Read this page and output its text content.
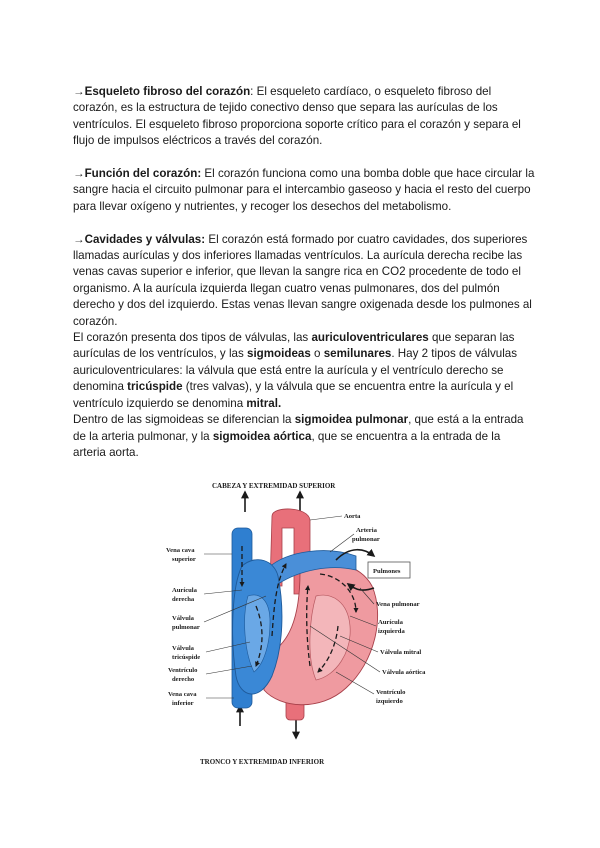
→Esqueleto fibroso del corazón: El esqueleto cardíaco, o esqueleto fibroso del corazón, es la estructura de tejido conectivo denso que separa las aurículas de los ventrículos. El esqueleto fibroso proporciona soporte crítico para el corazón y separa el flujo de impulsos eléctricos a través del corazón.

→Función del corazón: El corazón funciona como una bomba doble que hace circular la sangre hacia el circuito pulmonar para el intercambio gaseoso y hacia el resto del cuerpo para llevar oxígeno y nutrientes, y recoger los desechos del metabolismo.

→Cavidades y válvulas: El corazón está formado por cuatro cavidades, dos superiores llamadas aurículas y dos inferiores llamadas ventrículos. La aurícula derecha recibe las venas cavas superior e inferior, que llevan la sangre rica en CO2 procedente de todo el organismo. A la aurícula izquierda llegan cuatro venas pulmonares, dos del pulmón derecho y dos del izquierdo. Estas venas llevan sangre oxigenada desde los pulmones al corazón.

El corazón presenta dos tipos de válvulas, las auriculoventriculares que separan las aurículas de los ventrículos, y las sigmoideas o semilunares. Hay 2 tipos de válvulas auriculoventriculares: la válvula que está entre la aurícula y el ventrículo derecho se denomina tricúspide (tres valvas), y la válvula que se encuentra entre la aurícula y el ventrículo izquierdo se denomina mitral.

Dentro de las sigmoideas se diferencian la sigmoidea pulmonar, que está a la entrada de la arteria pulmonar, y la sigmoidea aórtica, que se encuentra a la entrada de la arteria aorta.

CABEZA Y EXTREMIDAD SUPERIOR
TRONCO Y EXTREMIDAD INFERIOR
Pulmones
Vena cava
superior
Aurícula
derecha
Válvula
pulmonar
Válvula
tricúspide
Ventrículo
derecho
Vena cava
inferior
Aorta
Arteria
pulmonar
Vena pulmonar
Aurícula
izquierda
Válvula mitral
Válvula aórtica
Ventrículo
izquierdo
